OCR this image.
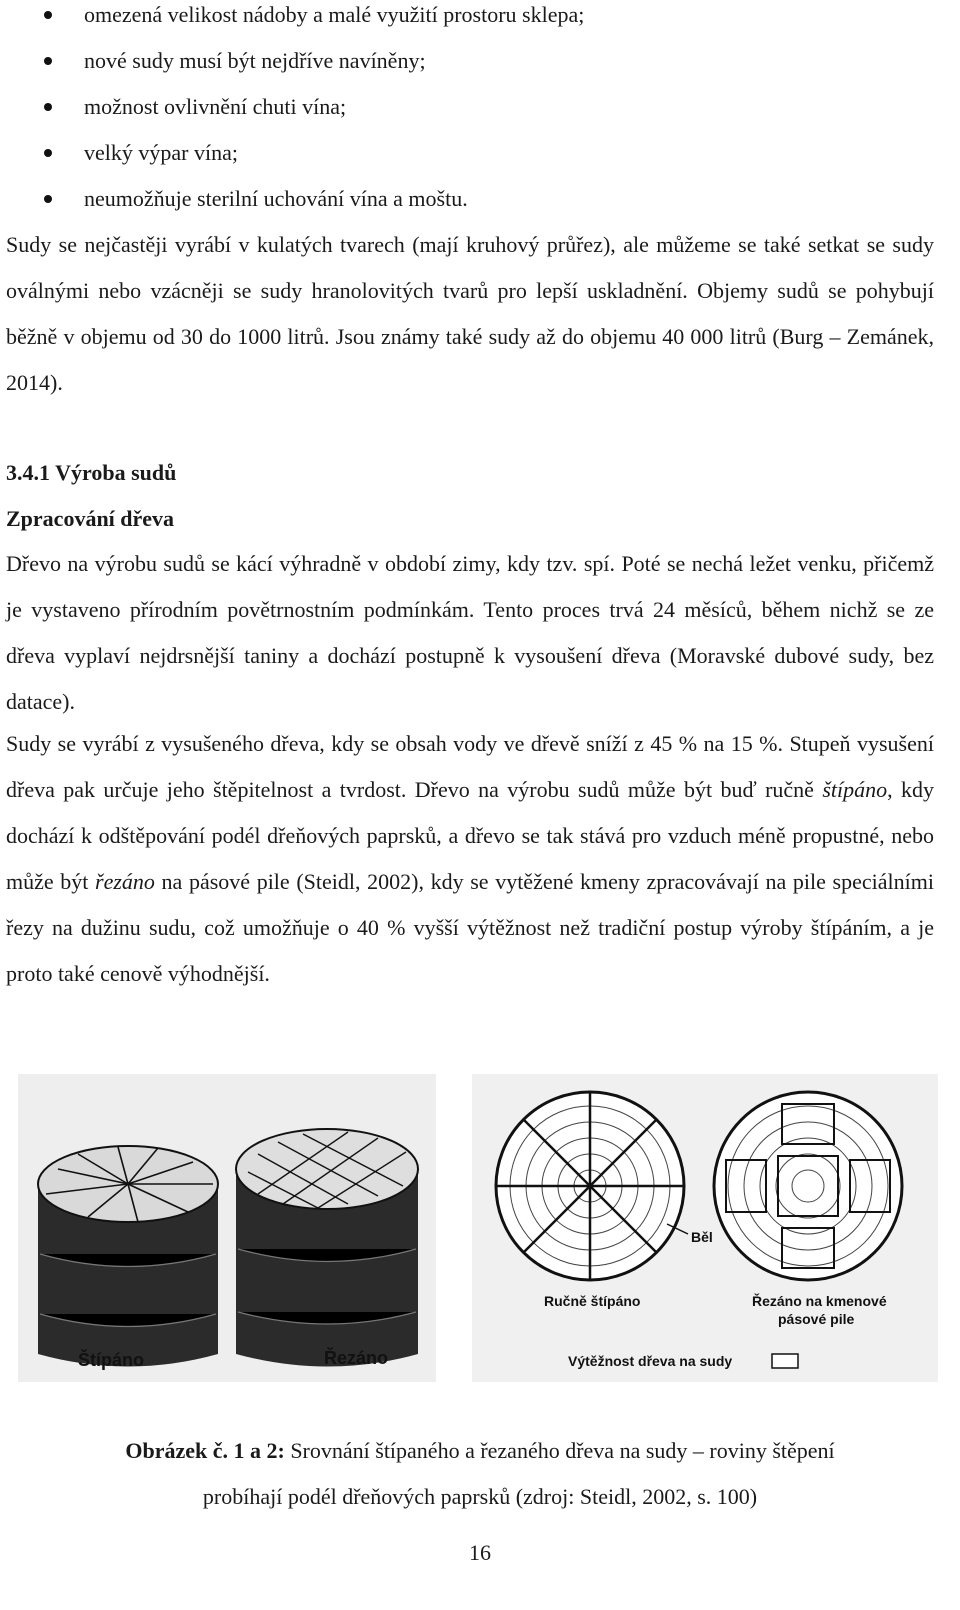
omezená velikost nádoby a malé využití prostoru sklepa;
nové sudy musí být nejdříve navíněny;
možnost ovlivnění chuti vína;
velký výpar vína;
neumožňuje sterilní uchování vína a moštu.

Sudy se nejčastěji vyrábí v kulatých tvarech (mají kruhový průřez), ale můžeme se také setkat se sudy oválnými nebo vzácněji se sudy hranolovitých tvarů pro lepší uskladnění. Objemy sudů se pohybují běžně v objemu od 30 do 1000 litrů. Jsou známy také sudy až do objemu 40 000 litrů (Burg – Zemánek, 2014).

3.4.1 Výroba sudů
Zpracování dřeva

Dřevo na výrobu sudů se kácí výhradně v období zimy, kdy tzv. spí. Poté se nechá ležet venku, přičemž je vystaveno přírodním povětrnostním podmínkám. Tento proces trvá 24 měsíců, během nichž se ze dřeva vyplaví nejdrsnější taniny a dochází postupně k vysoušení dřeva (Moravské dubové sudy, bez datace).

Sudy se vyrábí z vysušeného dřeva, kdy se obsah vody ve dřevě sníží z 45 % na 15 %. Stupeň vysušení dřeva pak určuje jeho štěpitelnost a tvrdost. Dřevo na výrobu sudů může být buď ručně štípáno, kdy dochází k odštěpování podél dřeňových paprsků, a dřevo se tak stává pro vzduch méně propustné, nebo může být řezáno na pásové pile (Steidl, 2002), kdy se vytěžené kmeny zpracovávají na pile speciálními řezy na dužinu sudu, což umožňuje o 40 % vyšší výtěžnost než tradiční postup výroby štípáním, a je proto také cenově výhodnější.

Štípáno	Řezáno
Běl
Ručně štípáno	Řezáno na kmenové
pásové pile
Výtěžnost dřeva na sudy

Obrázek č. 1 a 2: Srovnání štípaného a řezaného dřeva na sudy – roviny štěpení
probíhají podél dřeňových paprsků (zdroj: Steidl, 2002, s. 100)

16
